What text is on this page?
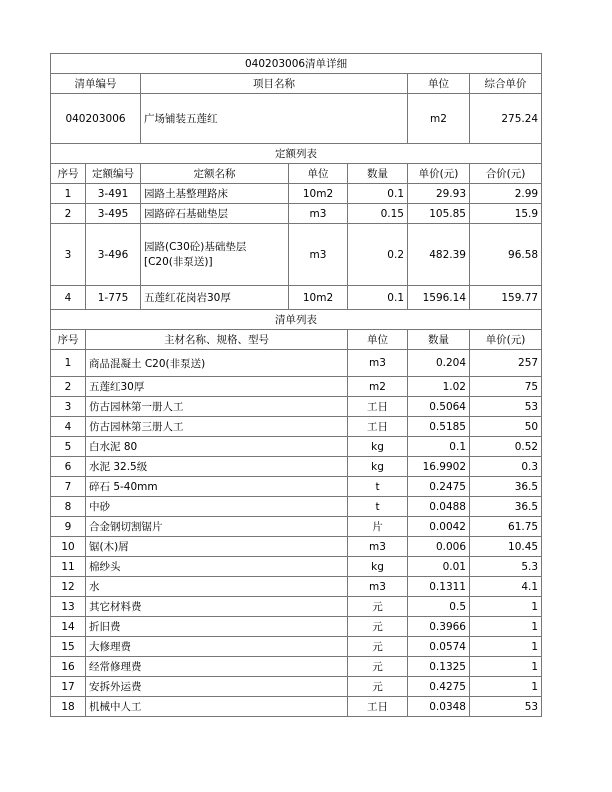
040203006清单详细							
清单编号		项目名称			单位	综合单价	
040203006		广场铺装五莲红			m2	275.24	
定额列表							
序号	定额编号	定额名称	单位	数量	单价(元)	合价(元)	
1	3-491	园路土基整理路床	10m2	0.1	29.93	2.99	
2	3-495	园路碎石基础垫层	m3	0.15	105.85	15.9	
3	3-496	园路(C30砼)基础垫层[C20(非泵送)]	m3	0.2	482.39	96.58	
4	1-775	五莲红花岗岩30厚	10m2	0.1	1596.14	159.77	
清单列表							
序号	主材名称、规格、型号			单位	数量	单价(元)	
1	商品混凝土 C20(非泵送)			m3	0.204	257	
2	五莲红30厚			m2	1.02	75	
3	仿古园林第一册人工			工日	0.5064	53	
4	仿古园林第三册人工			工日	0.5185	50	
5	白水泥 80			kg	0.1	0.52	
6	水泥 32.5级			kg	16.9902	0.3	
7	碎石 5-40mm			t	0.2475	36.5	
8	中砂			t	0.0488	36.5	
9	合金钢切割锯片			片	0.0042	61.75	
10	锯(木)屑			m3	0.006	10.45	
11	棉纱头			kg	0.01	5.3	
12	水			m3	0.1311	4.1	
13	其它材料费			元	0.5	1	
14	折旧费			元	0.3966	1	
15	大修理费			元	0.0574	1	
16	经常修理费			元	0.1325	1	
17	安拆外运费			元	0.4275	1	
18	机械中人工			工日	0.0348	53	
